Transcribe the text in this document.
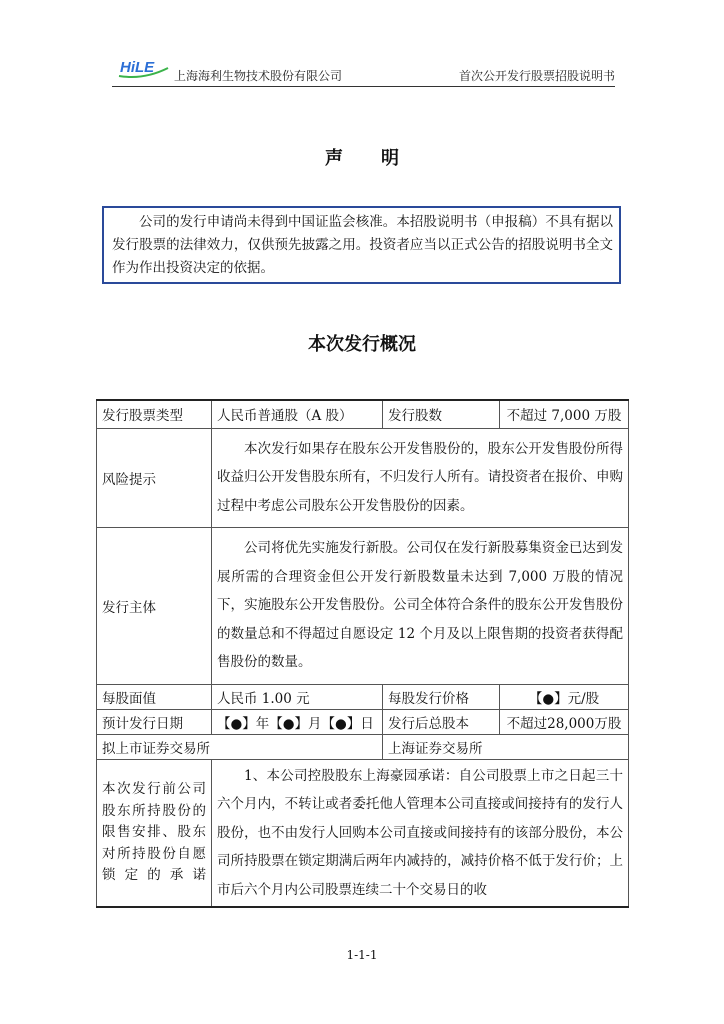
HiLE 上海海利生物技术股份有限公司	首次公开发行股票招股说明书
声明
公司的发行申请尚未得到中国证监会核准。本招股说明书（申报稿）不具有据以发行股票的法律效力，仅供预先披露之用。投资者应当以正式公告的招股说明书全文作为作出投资决定的依据。
本次发行概况
发行股票类型	人民币普通股（A 股）	发行股数	不超过 7,000 万股
风险提示	本次发行如果存在股东公开发售股份的，股东公开发售股份所得收益归公开发售股东所有，不归发行人所有。请投资者在报价、申购过程中考虑公司股东公开发售股份的因素。		

发行主体	公司将优先实施发行新股。公司仅在发行新股募集资金已达到发展所需的合理资金但公开发行新股数量未达到 7,000 万股的情况下，实施股东公开发售股份。公司全体符合条件的股东公开发售股份的数量总和不得超过自愿设定 12 个月及以上限售期的投资者获得配售股份的数量。		

每股面值	人民币 1.00 元	每股发行价格	【●】元/股
预计发行日期	【●】年【●】月【●】日	发行后总股本	不超过28,000万股
拟上市证券交易所		上海证券交易所	
本次发行前公司股东所持股份的限售安排、股东对所持股份自愿锁定的承诺	1、本公司控股股东上海豪园承诺：自公司股票上市之日起三十六个月内，不转让或者委托他人管理本公司直接或间接持有的发行人股份，也不由发行人回购本公司直接或间接持有的该部分股份，本公司所持股票在锁定期满后两年内减持的，减持价格不低于发行价；上市后六个月内公司股票连续二十个交易日的收		
1-1-1
